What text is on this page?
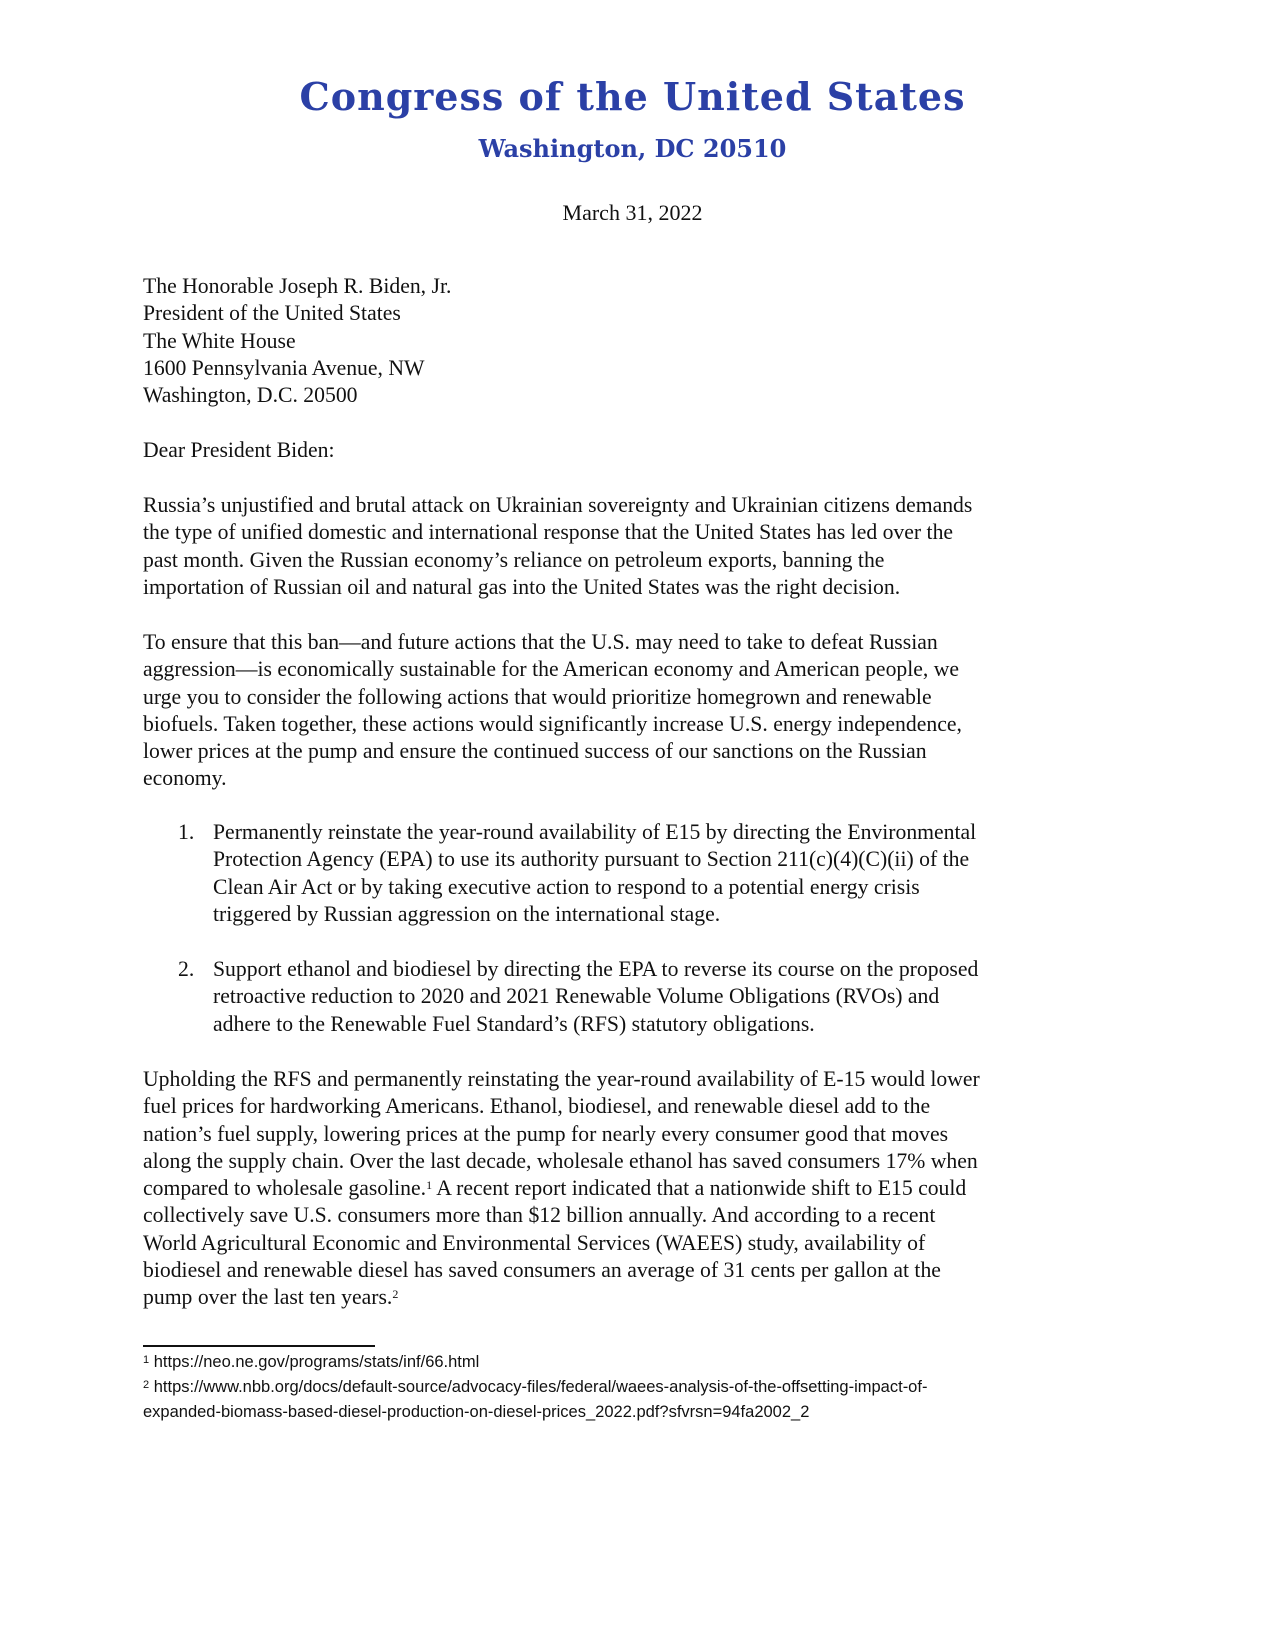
Congress of the United States
Washington, DC 20510
March 31, 2022
The Honorable Joseph R. Biden, Jr.
President of the United States
The White House
1600 Pennsylvania Avenue, NW
Washington, D.C. 20500
Dear President Biden:
Russia’s unjustified and brutal attack on Ukrainian sovereignty and Ukrainian citizens demands
the type of unified domestic and international response that the United States has led over the
past month. Given the Russian economy’s reliance on petroleum exports, banning the
importation of Russian oil and natural gas into the United States was the right decision.
To ensure that this ban—and future actions that the U.S. may need to take to defeat Russian
aggression—is economically sustainable for the American economy and American people, we
urge you to consider the following actions that would prioritize homegrown and renewable
biofuels. Taken together, these actions would significantly increase U.S. energy independence,
lower prices at the pump and ensure the continued success of our sanctions on the Russian
economy.
1. Permanently reinstate the year-round availability of E15 by directing the Environmental
Protection Agency (EPA) to use its authority pursuant to Section 211(c)(4)(C)(ii) of the
Clean Air Act or by taking executive action to respond to a potential energy crisis
triggered by Russian aggression on the international stage.
2. Support ethanol and biodiesel by directing the EPA to reverse its course on the proposed
retroactive reduction to 2020 and 2021 Renewable Volume Obligations (RVOs) and
adhere to the Renewable Fuel Standard’s (RFS) statutory obligations.
Upholding the RFS and permanently reinstating the year-round availability of E-15 would lower
fuel prices for hardworking Americans. Ethanol, biodiesel, and renewable diesel add to the
nation’s fuel supply, lowering prices at the pump for nearly every consumer good that moves
along the supply chain. Over the last decade, wholesale ethanol has saved consumers 17% when
compared to wholesale gasoline.$^1$ A recent report indicated that a nationwide shift to E15 could
collectively save U.S. consumers more than $12 billion annually. And according to a recent
World Agricultural Economic and Environmental Services (WAEES) study, availability of
biodiesel and renewable diesel has saved consumers an average of 31 cents per gallon at the
pump over the last ten years.$^2$
$^1$ https://neo.ne.gov/programs/stats/inf/66.html
$^2$ https://www.nbb.org/docs/default-source/advocacy-files/federal/waees-analysis-of-the-offsetting-impact-of-
expanded-biomass-based-diesel-production-on-diesel-prices_2022.pdf?sfvrsn=94fa2002_2
